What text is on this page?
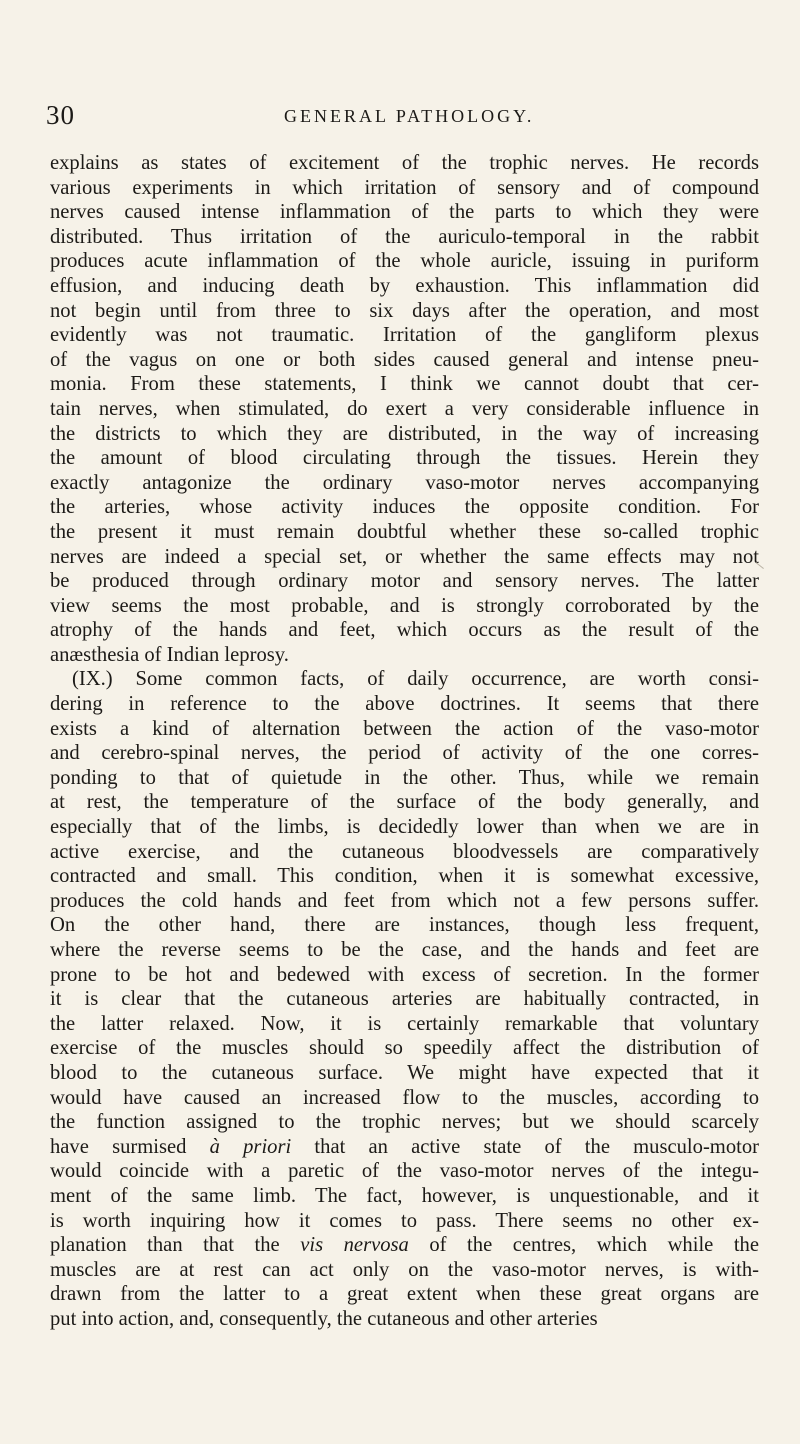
30	GENERAL PATHOLOGY.
explains as states of excitement of the trophic nerves. He records
various experiments in which irritation of sensory and of compound
nerves caused intense inflammation of the parts to which they were
distributed. Thus irritation of the auriculo-temporal in the rabbit
produces acute inflammation of the whole auricle, issuing in puriform
effusion, and inducing death by exhaustion. This inflammation did
not begin until from three to six days after the operation, and most
evidently was not traumatic. Irritation of the gangliform plexus
of the vagus on one or both sides caused general and intense pneu-
monia. From these statements, I think we cannot doubt that cer-
tain nerves, when stimulated, do exert a very considerable influence in
the districts to which they are distributed, in the way of increasing
the amount of blood circulating through the tissues. Herein they
exactly antagonize the ordinary vaso-motor nerves accompanying
the arteries, whose activity induces the opposite condition. For
the present it must remain doubtful whether these so-called trophic
nerves are indeed a special set, or whether the same effects may not
be produced through ordinary motor and sensory nerves. The latter
view seems the most probable, and is strongly corroborated by the
atrophy of the hands and feet, which occurs as the result of the
anæsthesia of Indian leprosy.
(IX.) Some common facts, of daily occurrence, are worth consi-
dering in reference to the above doctrines. It seems that there
exists a kind of alternation between the action of the vaso-motor
and cerebro-spinal nerves, the period of activity of the one corres-
ponding to that of quietude in the other. Thus, while we remain
at rest, the temperature of the surface of the body generally, and
especially that of the limbs, is decidedly lower than when we are in
active exercise, and the cutaneous bloodvessels are comparatively
contracted and small. This condition, when it is somewhat excessive,
produces the cold hands and feet from which not a few persons suffer.
On the other hand, there are instances, though less frequent,
where the reverse seems to be the case, and the hands and feet are
prone to be hot and bedewed with excess of secretion. In the former
it is clear that the cutaneous arteries are habitually contracted, in
the latter relaxed. Now, it is certainly remarkable that voluntary
exercise of the muscles should so speedily affect the distribution of
blood to the cutaneous surface. We might have expected that it
would have caused an increased flow to the muscles, according to
the function assigned to the trophic nerves; but we should scarcely
have surmised à priori that an active state of the musculo-motor
would coincide with a paretic of the vaso-motor nerves of the integu-
ment of the same limb. The fact, however, is unquestionable, and it
is worth inquiring how it comes to pass. There seems no other ex-
planation than that the vis nervosa of the centres, which while the
muscles are at rest can act only on the vaso-motor nerves, is with-
drawn from the latter to a great extent when these great organs are
put into action, and, consequently, the cutaneous and other arteries
